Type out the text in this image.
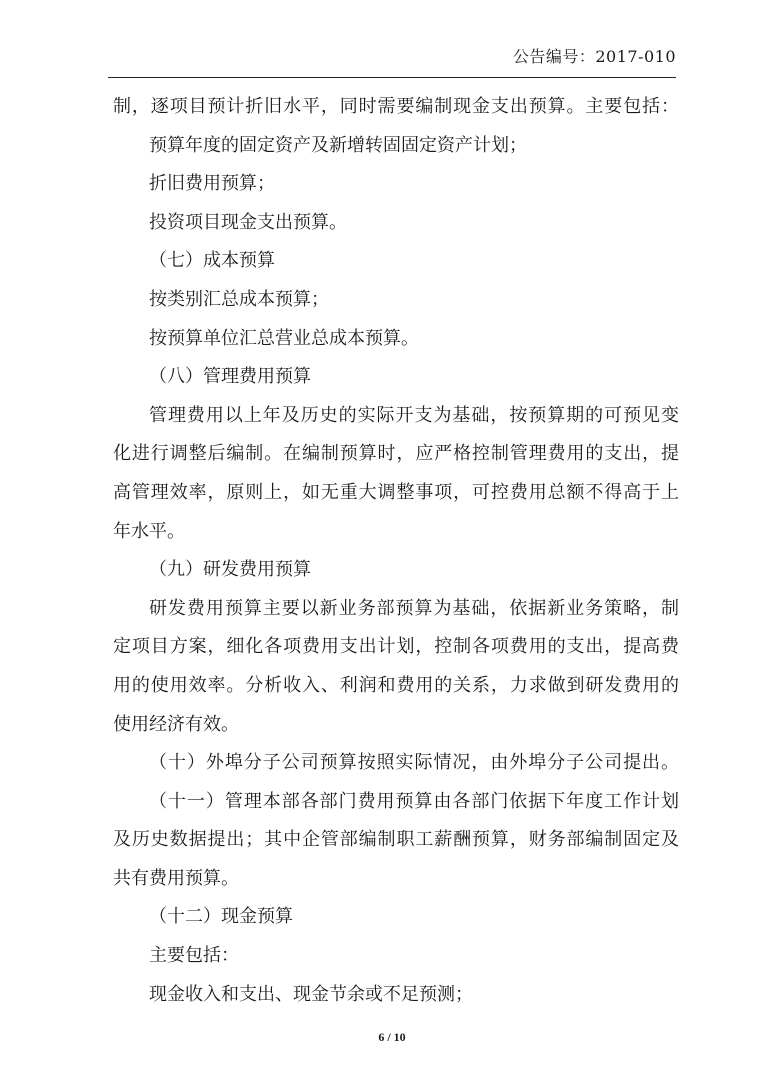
公告编号：2017-010
制，逐项目预计折旧水平，同时需要编制现金支出预算。主要包括：
预算年度的固定资产及新增转固固定资产计划；
折旧费用预算；
投资项目现金支出预算。
（七）成本预算
按类别汇总成本预算；
按预算单位汇总营业总成本预算。
（八）管理费用预算
管理费用以上年及历史的实际开支为基础，按预算期的可预见变
化进行调整后编制。在编制预算时，应严格控制管理费用的支出，提
高管理效率，原则上，如无重大调整事项，可控费用总额不得高于上
年水平。
（九）研发费用预算
研发费用预算主要以新业务部预算为基础，依据新业务策略，制
定项目方案，细化各项费用支出计划，控制各项费用的支出，提高费
用的使用效率。分析收入、利润和费用的关系，力求做到研发费用的
使用经济有效。
（十）外埠分子公司预算按照实际情况，由外埠分子公司提出。
（十一）管理本部各部门费用预算由各部门依据下年度工作计划
及历史数据提出；其中企管部编制职工薪酬预算，财务部编制固定及
共有费用预算。
（十二）现金预算
主要包括：
现金收入和支出、现金节余或不足预测；
6 / 10
